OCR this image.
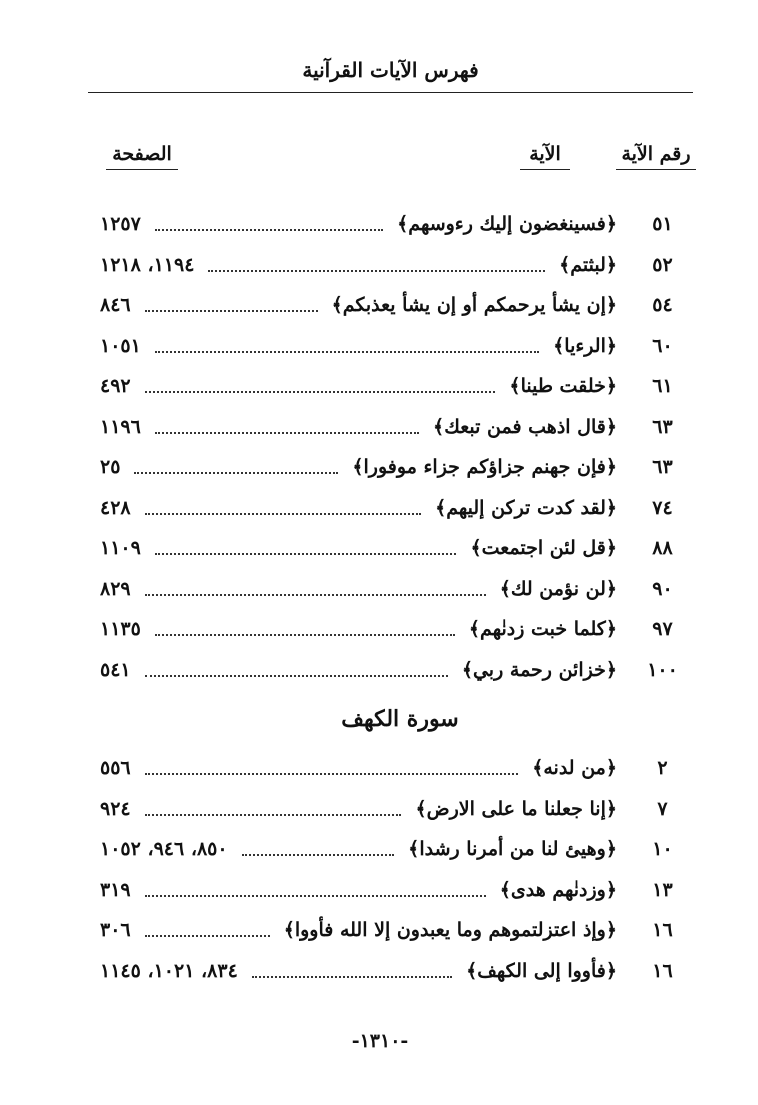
فهرس الآيات القرآنية
رقم الآية
الآية
الصفحة
٥١
﴿فسينغضون إليك رءوسهم﴾
١٢٥٧
٥٢
﴿لبثتم﴾
١١٩٤، ١٢١٨
٥٤
﴿إن يشأ يرحمكم أو إن يشأ يعذبكم﴾
٨٤٦
٦٠
﴿الرءيا﴾
١٠٥١
٦١
﴿خلقت طينا﴾
٤٩٢
٦٣
﴿قال اذهب فمن تبعك﴾
١١٩٦
٦٣
﴿فإن جهنم جزاؤكم جزاء موفورا﴾
٢٥
٧٤
﴿لقد كدت تركن إليهم﴾
٤٢٨
٨٨
﴿قل لئن اجتمعت﴾
١١٠٩
٩٠
﴿لن نؤمن لك﴾
٨٢٩
٩٧
﴿كلما خبت زدنٰهم﴾
١١٣٥
١٠٠
﴿خزائن رحمة ربي﴾
٥٤١
سورة الكهف
٢
﴿من لدنه﴾
٥٥٦
٧
﴿إنا جعلنا ما على الارض﴾
٩٢٤
١٠
﴿وهيئ لنا من أمرنا رشدا﴾
٨٥٠، ٩٤٦، ١٠٥٢
١٣
﴿وزدنٰهم هدى﴾
٣١٩
١٦
﴿وإذ اعتزلتموهم وما يعبدون إلا الله فأووا﴾
٣٠٦
١٦
﴿فأووا إلى الكهف﴾
٨٣٤، ١٠٢١، ١١٤٥
-١٣١٠-
